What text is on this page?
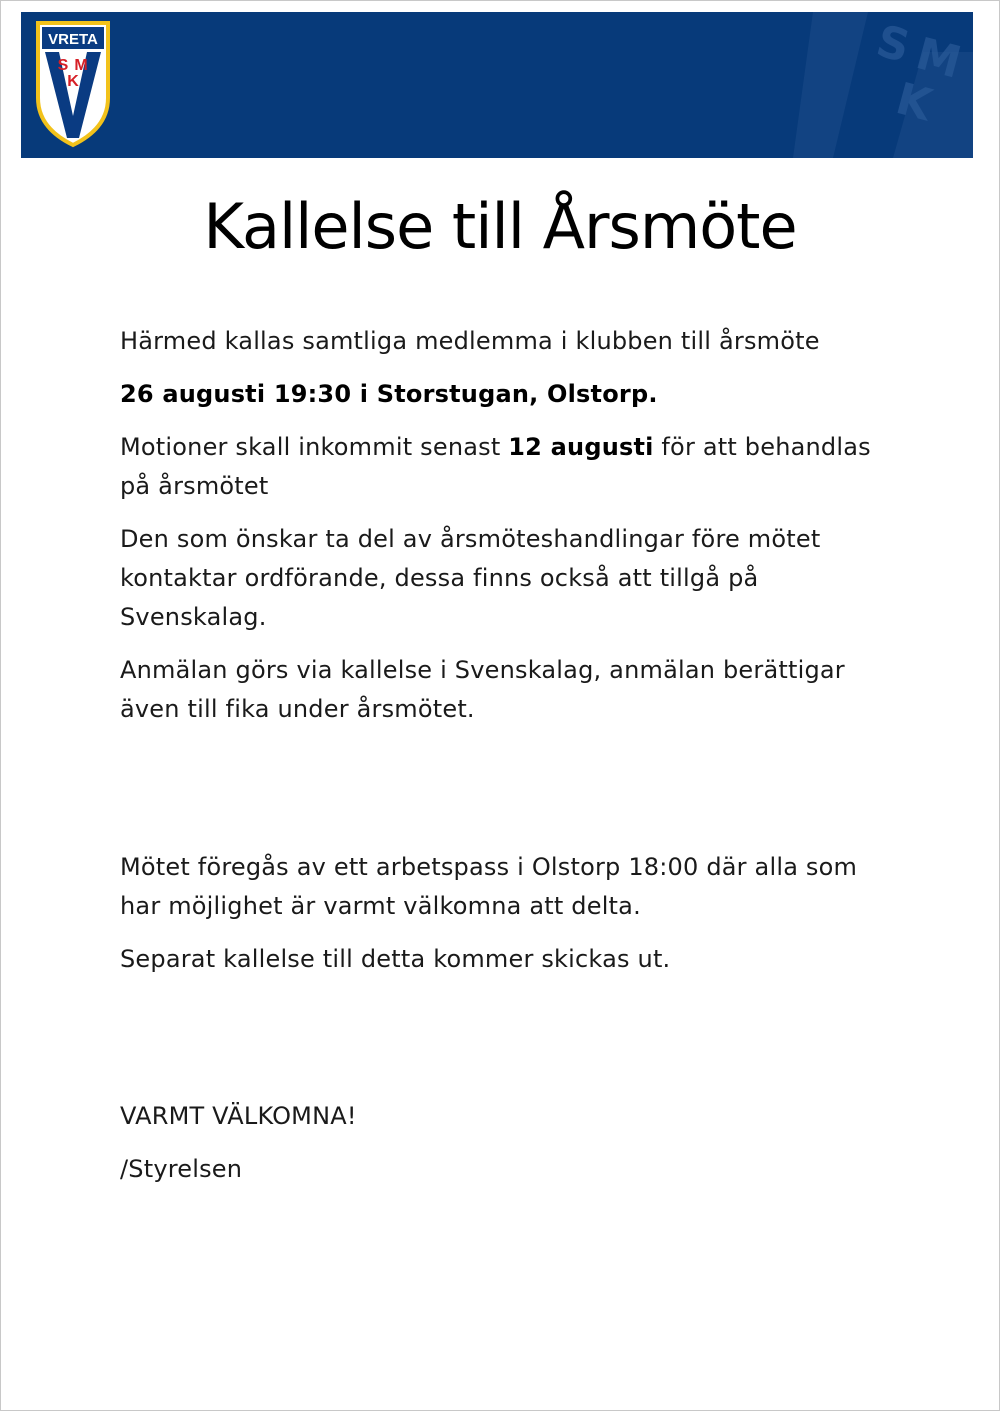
S
M
K
VRETA
S M
K
Kallelse till Årsmöte

Härmed kallas samtliga medlemma i klubben till årsmöte

26 augusti 19:30 i Storstugan, Olstorp.

Motioner skall inkommit senast 12 augusti för att behandlas på årsmötet

Den som önskar ta del av årsmöteshandlingar före mötet kontaktar ordförande, dessa finns också att tillgå på Svenskalag.

Anmälan görs via kallelse i Svenskalag, anmälan berättigar även till fika under årsmötet.

Mötet föregås av ett arbetspass i Olstorp 18:00 där alla som har möjlighet är varmt välkomna att delta.

Separat kallelse till detta kommer skickas ut.

VARMT VÄLKOMNA!

/Styrelsen
